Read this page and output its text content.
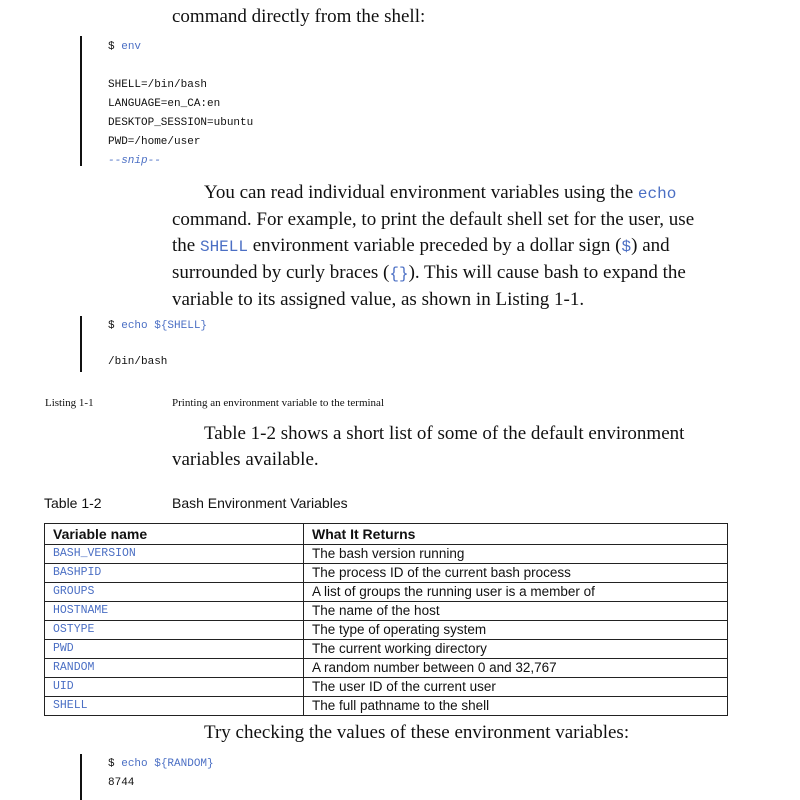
command directly from the shell:
$ env
SHELL=/bin/bash
LANGUAGE=en_CA:en
DESKTOP_SESSION=ubuntu
PWD=/home/user
--snip--
You can read individual environment variables using the echo
command. For example, to print the default shell set for the user, use
the SHELL environment variable preceded by a dollar sign ($) and
surrounded by curly braces ({}). This will cause bash to expand the
variable to its assigned value, as shown in Listing 1-1.
$ echo ${SHELL}
/bin/bash
Listing 1-1	Printing an environment variable to the terminal
Table 1-2 shows a short list of some of the default environment
variables available.
Table 1-2	Bash Environment Variables
Variable name	What It Returns
BASH_VERSION	The bash version running
BASHPID	The process ID of the current bash process
GROUPS	A list of groups the running user is a member of
HOSTNAME	The name of the host
OSTYPE	The type of operating system
PWD	The current working directory
RANDOM	A random number between 0 and 32,767
UID	The user ID of the current user
SHELL	The full pathname to the shell
Try checking the values of these environment variables:
$ echo ${RANDOM}
8744
